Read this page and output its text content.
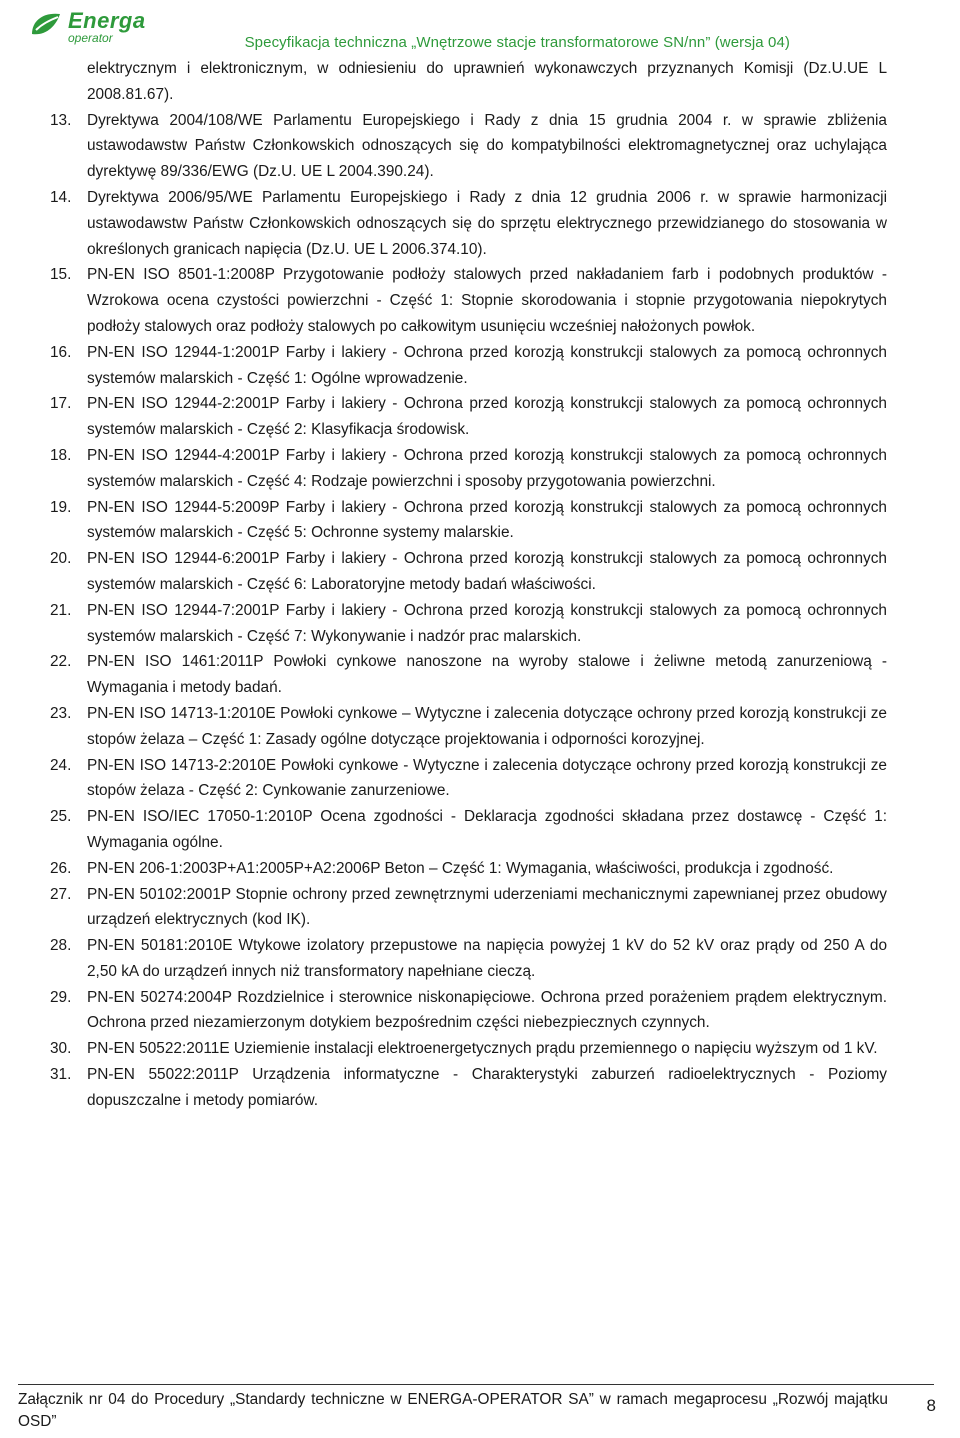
Energa
operator	Specyfikacja techniczna „Wnętrzowe stacje transformatorowe SN/nn” (wersja 04)
elektrycznym i elektronicznym, w odniesieniu do uprawnień wykonawczych przyznanych Komisji (Dz.U.UE L 2008.81.67).
13.	Dyrektywa 2004/108/WE Parlamentu Europejskiego i Rady z dnia 15 grudnia 2004 r. w sprawie zbliżenia ustawodawstw Państw Członkowskich odnoszących się do kompatybilności elektromagnetycznej oraz uchylająca dyrektywę 89/336/EWG (Dz.U. UE L 2004.390.24).
14.	Dyrektywa 2006/95/WE Parlamentu Europejskiego i Rady z dnia 12 grudnia 2006 r. w sprawie harmonizacji ustawodawstw Państw Członkowskich odnoszących się do sprzętu elektrycznego przewidzianego do stosowania w określonych granicach napięcia (Dz.U. UE L 2006.374.10).
15.	PN-EN ISO 8501-1:2008P Przygotowanie podłoży stalowych przed nakładaniem farb i podobnych produktów - Wzrokowa ocena czystości powierzchni - Część 1: Stopnie skorodowania i stopnie przygotowania niepokrytych podłoży stalowych oraz podłoży stalowych po całkowitym usunięciu wcześniej nałożonych powłok.
16.	PN-EN ISO 12944-1:2001P Farby i lakiery - Ochrona przed korozją konstrukcji stalowych za pomocą ochronnych systemów malarskich - Część 1: Ogólne wprowadzenie.
17.	PN-EN ISO 12944-2:2001P Farby i lakiery - Ochrona przed korozją konstrukcji stalowych za pomocą ochronnych systemów malarskich - Część 2: Klasyfikacja środowisk.
18.	PN-EN ISO 12944-4:2001P Farby i lakiery - Ochrona przed korozją konstrukcji stalowych za pomocą ochronnych systemów malarskich - Część 4: Rodzaje powierzchni i sposoby przygotowania powierzchni.
19.	PN-EN ISO 12944-5:2009P Farby i lakiery - Ochrona przed korozją konstrukcji stalowych za pomocą ochronnych systemów malarskich - Część 5: Ochronne systemy malarskie.
20.	PN-EN ISO 12944-6:2001P Farby i lakiery - Ochrona przed korozją konstrukcji stalowych za pomocą ochronnych systemów malarskich - Część 6: Laboratoryjne metody badań właściwości.
21.	PN-EN ISO 12944-7:2001P Farby i lakiery - Ochrona przed korozją konstrukcji stalowych za pomocą ochronnych systemów malarskich - Część 7: Wykonywanie i nadzór prac malarskich.
22.	PN-EN ISO 1461:2011P Powłoki cynkowe nanoszone na wyroby stalowe i żeliwne metodą zanurzeniową - Wymagania i metody badań.
23.	PN-EN ISO 14713-1:2010E Powłoki cynkowe – Wytyczne i zalecenia dotyczące ochrony przed korozją konstrukcji ze stopów żelaza – Część 1: Zasady ogólne dotyczące projektowania i odporności korozyjnej.
24.	PN-EN ISO 14713-2:2010E Powłoki cynkowe - Wytyczne i zalecenia dotyczące ochrony przed korozją konstrukcji ze stopów żelaza - Część 2: Cynkowanie zanurzeniowe.
25.	PN-EN ISO/IEC 17050-1:2010P Ocena zgodności - Deklaracja zgodności składana przez dostawcę - Część 1: Wymagania ogólne.
26.	PN-EN 206-1:2003P+A1:2005P+A2:2006P Beton – Część 1: Wymagania, właściwości, produkcja i zgodność.
27.	PN-EN 50102:2001P Stopnie ochrony przed zewnętrznymi uderzeniami mechanicznymi zapewnianej przez obudowy urządzeń elektrycznych (kod IK).
28.	PN-EN 50181:2010E Wtykowe izolatory przepustowe na napięcia powyżej 1 kV do 52 kV oraz prądy od 250 A do 2,50 kA do urządzeń innych niż transformatory napełniane cieczą.
29.	PN-EN 50274:2004P Rozdzielnice i sterownice niskonapięciowe. Ochrona przed porażeniem prądem elektrycznym. Ochrona przed niezamierzonym dotykiem bezpośrednim części niebezpiecznych czynnych.
30.	PN-EN 50522:2011E Uziemienie instalacji elektroenergetycznych prądu przemiennego o napięciu wyższym od 1 kV.
31.	PN-EN 55022:2011P Urządzenia informatyczne - Charakterystyki zaburzeń radioelektrycznych - Poziomy dopuszczalne i metody pomiarów.
Załącznik nr 04 do Procedury „Standardy techniczne w ENERGA-OPERATOR SA” w ramach megaprocesu „Rozwój majątku OSD”
8
